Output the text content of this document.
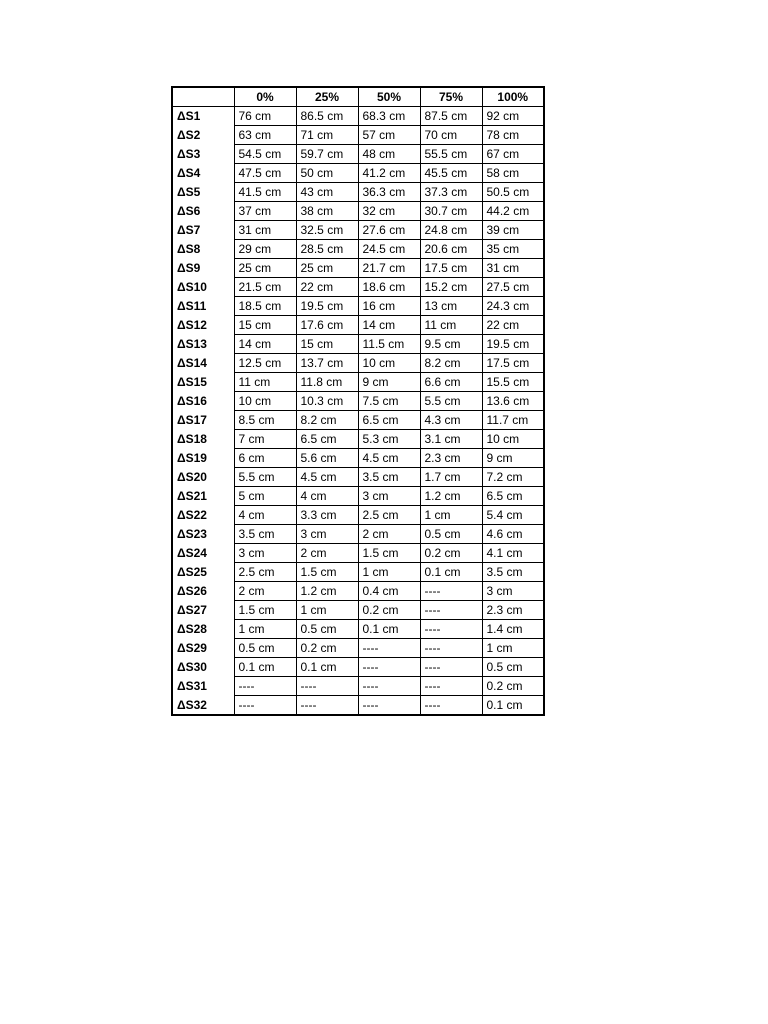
	0%	25%	50%	75%	100%
ΔS1	76 cm	86.5 cm	68.3 cm	87.5 cm	92 cm
ΔS2	63 cm	71 cm	57 cm	70 cm	78 cm
ΔS3	54.5 cm	59.7 cm	48 cm	55.5 cm	67 cm
ΔS4	47.5 cm	50 cm	41.2 cm	45.5 cm	58 cm
ΔS5	41.5 cm	43 cm	36.3 cm	37.3 cm	50.5 cm
ΔS6	37 cm	38 cm	32 cm	30.7 cm	44.2 cm
ΔS7	31 cm	32.5 cm	27.6 cm	24.8 cm	39 cm
ΔS8	29 cm	28.5 cm	24.5 cm	20.6 cm	35 cm
ΔS9	25 cm	25 cm	21.7 cm	17.5 cm	31 cm
ΔS10	21.5 cm	22 cm	18.6 cm	15.2 cm	27.5 cm
ΔS11	18.5 cm	19.5 cm	16 cm	13 cm	24.3 cm
ΔS12	15 cm	17.6 cm	14 cm	11 cm	22 cm
ΔS13	14 cm	15 cm	11.5 cm	9.5 cm	19.5 cm
ΔS14	12.5 cm	13.7 cm	10 cm	8.2 cm	17.5 cm
ΔS15	11 cm	11.8 cm	9 cm	6.6 cm	15.5 cm
ΔS16	10 cm	10.3 cm	7.5 cm	5.5 cm	13.6 cm
ΔS17	8.5 cm	8.2 cm	6.5 cm	4.3 cm	11.7 cm
ΔS18	7 cm	6.5 cm	5.3 cm	3.1 cm	10 cm
ΔS19	6 cm	5.6 cm	4.5 cm	2.3 cm	9 cm
ΔS20	5.5 cm	4.5 cm	3.5 cm	1.7 cm	7.2 cm
ΔS21	5 cm	4 cm	3 cm	1.2 cm	6.5 cm
ΔS22	4 cm	3.3 cm	2.5 cm	1 cm	5.4 cm
ΔS23	3.5 cm	3 cm	2 cm	0.5 cm	4.6 cm
ΔS24	3 cm	2 cm	1.5 cm	0.2 cm	4.1 cm
ΔS25	2.5 cm	1.5 cm	1 cm	0.1 cm	3.5 cm
ΔS26	2 cm	1.2 cm	0.4 cm	----	3 cm
ΔS27	1.5 cm	1 cm	0.2 cm	----	2.3 cm
ΔS28	1 cm	0.5 cm	0.1 cm	----	1.4 cm
ΔS29	0.5 cm	0.2 cm	----	----	1 cm
ΔS30	0.1 cm	0.1 cm	----	----	0.5 cm
ΔS31	----	----	----	----	0.2 cm
ΔS32	----	----	----	----	0.1 cm
